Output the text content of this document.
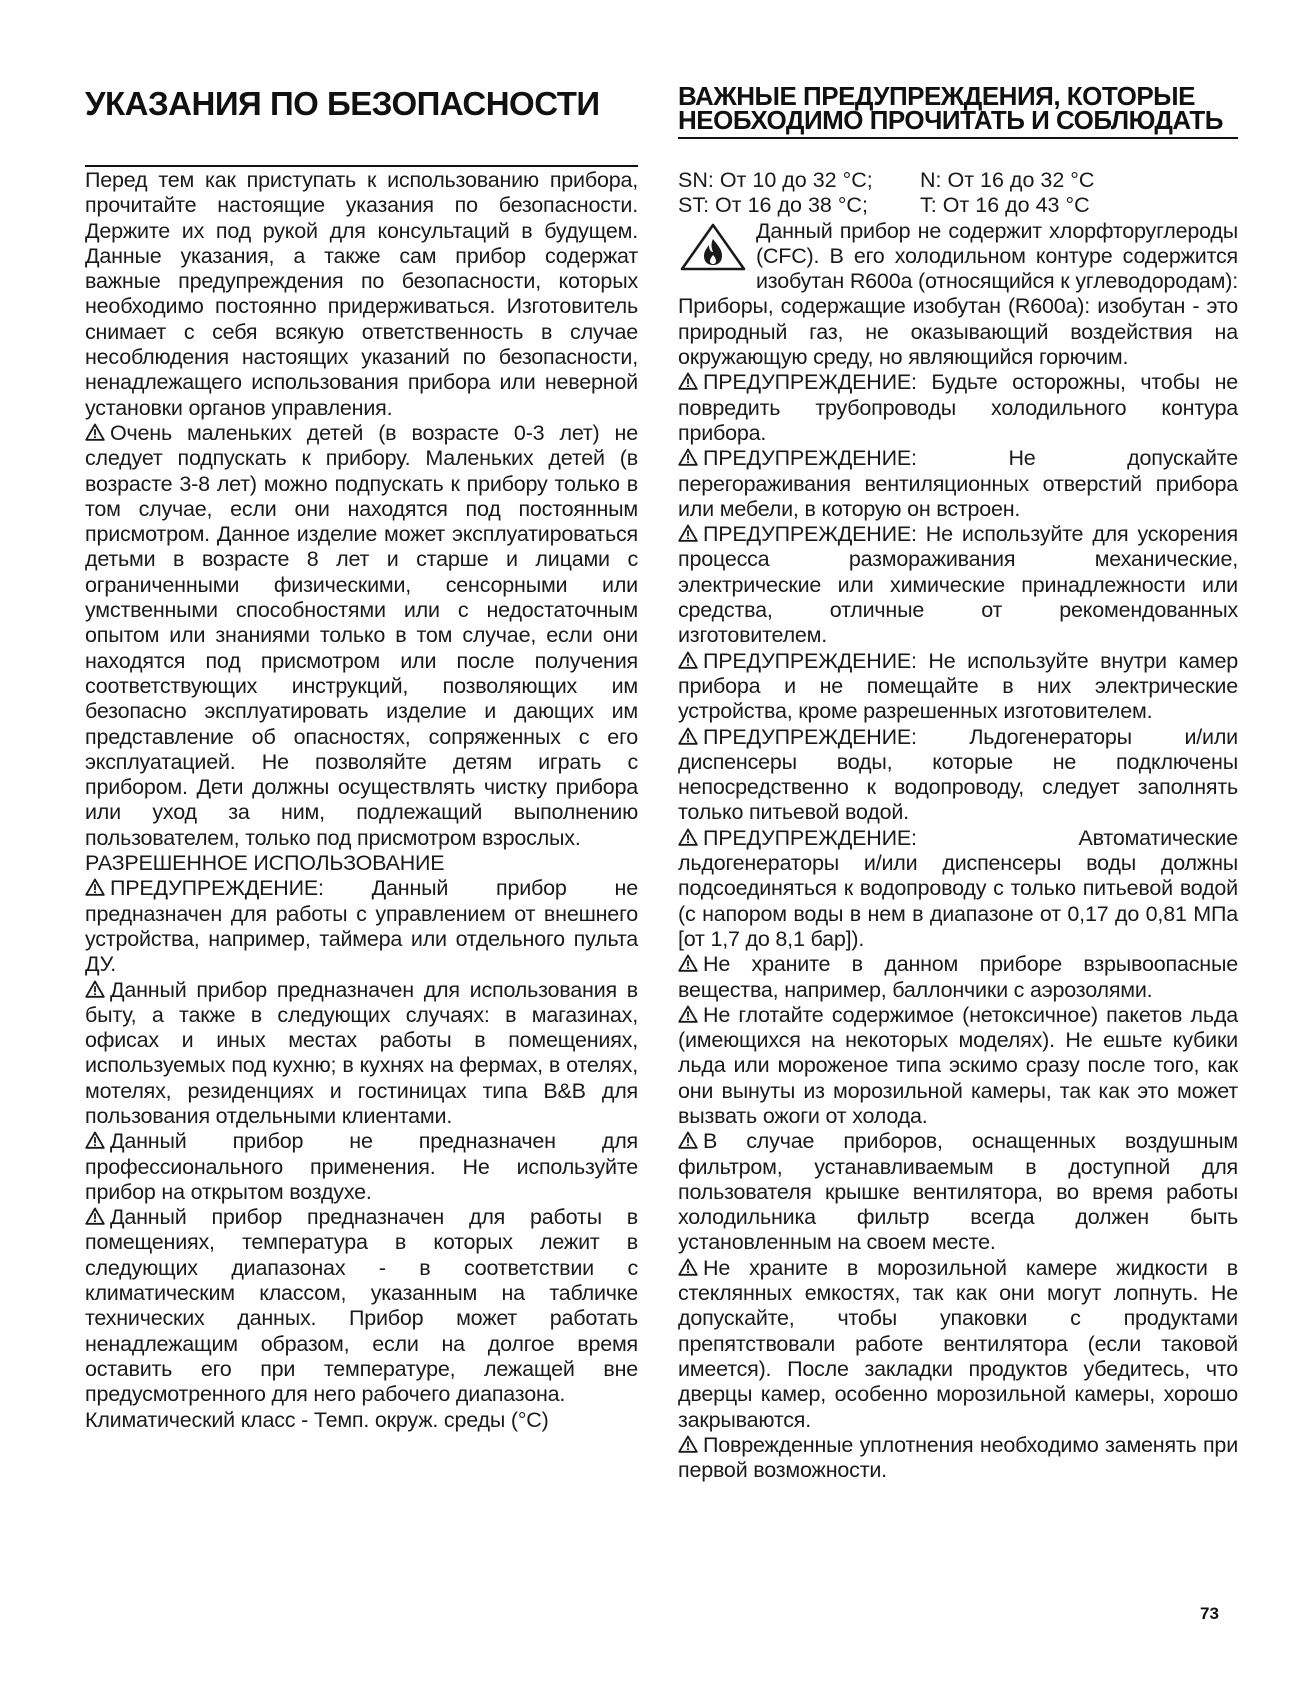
УКАЗАНИЯ ПО БЕЗОПАСНОСТИ	ВАЖНЫЕ ПРЕДУПРЕЖДЕНИЯ, КОТОРЫЕ НЕОБХОДИМО ПРОЧИТАТЬ И СОБЛЮДАТЬ

Перед тем как приступать к использованию прибора, прочитайте настоящие указания по безопасности. Держите их под рукой для консультаций в будущем. Данные указания, а также сам прибор содержат важные предупреждения по безопасности, которых необходимо постоянно придерживаться. Изготовитель снимает с себя всякую ответственность в случае несоблюдения настоящих указаний по безопасности, ненадлежащего использования прибора или неверной установки органов управления.

Очень маленьких детей (в возрасте 0-3 лет) не следует подпускать к прибору. Маленьких детей (в возрасте 3-8 лет) можно подпускать к прибору только в том случае, если они находятся под постоянным присмотром. Данное изделие может эксплуатироваться детьми в возрасте 8 лет и старше и лицами с ограниченными физическими, сенсорными или умственными способностями или с недостаточным опытом или знаниями только в том случае, если они находятся под присмотром или после получения соответствующих инструкций, позволяющих им безопасно эксплуатировать изделие и дающих им представление об опасностях, сопряженных с его эксплуатацией. Не позволяйте детям играть с прибором. Дети должны осуществлять чистку прибора или уход за ним, подлежащий выполнению пользователем, только под присмотром взрослых.

РАЗРЕШЕННОЕ ИСПОЛЬЗОВАНИЕ

ПРЕДУПРЕЖДЕНИЕ: Данный прибор не предназначен для работы с управлением от внешнего устройства, например, таймера или отдельного пульта ДУ.

Данный прибор предназначен для использования в быту, а также в следующих случаях: в магазинах, офисах и иных местах работы в помещениях, используемых под кухню; в кухнях на фермах, в отелях, мотелях, резиденциях и гостиницах типа B&B для пользования отдельными клиентами.

Данный прибор не предназначен для профессионального применения. Не используйте прибор на открытом воздухе.

Данный прибор предназначен для работы в помещениях, температура в которых лежит в следующих диапазонах - в соответствии с климатическим классом, указанным на табличке технических данных. Прибор может работать ненадлежащим образом, если на долгое время оставить его при температуре, лежащей вне предусмотренного для него рабочего диапазона.

Климатический класс - Темп. окруж. среды (°C)

SN: От 10 до 32 °C;	N: От 16 до 32 °C
ST: От 16 до 38 °C;	T: От 16 до 43 °C

Данный прибор не содержит хлорфторуглероды (CFC). В его холодильном контуре содержится изобутан R600a (относящийся к углеводородам): Приборы, содержащие изобутан (R600a): изобутан - это природный газ, не оказывающий воздействия на окружающую среду, но являющийся горючим.

ПРЕДУПРЕЖДЕНИЕ: Будьте осторожны, чтобы не повредить трубопроводы холодильного контура прибора.

ПРЕДУПРЕЖДЕНИЕ: Не допускайте перегораживания вентиляционных отверстий прибора или мебели, в которую он встроен.

ПРЕДУПРЕЖДЕНИЕ: Не используйте для ускорения процесса размораживания механические, электрические или химические принадлежности или средства, отличные от рекомендованных изготовителем.

ПРЕДУПРЕЖДЕНИЕ: Не используйте внутри камер прибора и не помещайте в них электрические устройства, кроме разрешенных изготовителем.

ПРЕДУПРЕЖДЕНИЕ: Льдогенераторы и/или диспенсеры воды, которые не подключены непосредственно к водопроводу, следует заполнять только питьевой водой.

ПРЕДУПРЕЖДЕНИЕ: Автоматические льдогенераторы и/или диспенсеры воды должны подсоединяться к водопроводу с только питьевой водой (с напором воды в нем в диапазоне от 0,17 до 0,81 МПа [от 1,7 до 8,1 бар]).

Не храните в данном приборе взрывоопасные вещества, например, баллончики с аэрозолями.

Не глотайте содержимое (нетоксичное) пакетов льда (имеющихся на некоторых моделях). Не ешьте кубики льда или мороженое типа эскимо сразу после того, как они вынуты из морозильной камеры, так как это может вызвать ожоги от холода.

В случае приборов, оснащенных воздушным фильтром, устанавливаемым в доступной для пользователя крышке вентилятора, во время работы холодильника фильтр всегда должен быть установленным на своем месте.

Не храните в морозильной камере жидкости в стеклянных емкостях, так как они могут лопнуть. Не допускайте, чтобы упаковки с продуктами препятствовали работе вентилятора (если таковой имеется). После закладки продуктов убедитесь, что дверцы камер, особенно морозильной камеры, хорошо закрываются.

Поврежденные уплотнения необходимо заменять при первой возможности.

73
